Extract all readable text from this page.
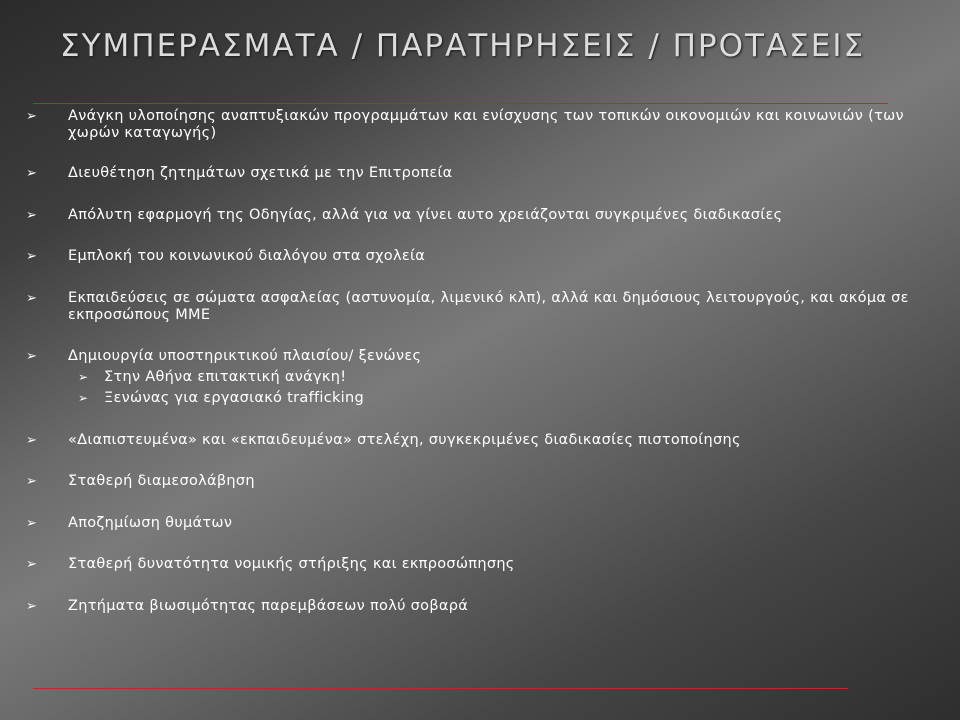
ΣΥΜΠΕΡΑΣΜΑΤΑ / ΠΑΡΑΤΗΡΗΣΕΙΣ / ΠΡΟΤΑΣΕΙΣ
➢ Ανάγκη υλοποίησης αναπτυξιακών προγραμμάτων και ενίσχυσης των τοπικών οικονομιών και κοινωνιών (των χωρών καταγωγής)
➢ Διευθέτηση ζητημάτων σχετικά με την Επιτροπεία
➢ Απόλυτη εφαρμογή της Οδηγίας, αλλά για να γίνει αυτο χρειάζονται συγκριμένες διαδικασίες
➢ Εμπλοκή του κοινωνικού διαλόγου στα σχολεία
➢ Εκπαιδεύσεις σε σώματα ασφαλείας (αστυνομία, λιμενικό κλπ), αλλά και δημόσιους λειτουργούς, και ακόμα σε εκπροσώπους ΜΜΕ
➢ Δημιουργία υποστηρικτικού πλαισίου/ ξενώνες
➢ Στην Αθήνα επιτακτική ανάγκη!
➢ Ξενώνας για εργασιακό trafficking
➢ «Διαπιστευμένα» και «εκπαιδευμένα» στελέχη, συγκεκριμένες διαδικασίες πιστοποίησης
➢ Σταθερή διαμεσολάβηση
➢ Αποζημίωση θυμάτων
➢ Σταθερή δυνατότητα νομικής στήριξης και εκπροσώπησης
➢ Ζητήματα βιωσιμότητας παρεμβάσεων πολύ σοβαρά
